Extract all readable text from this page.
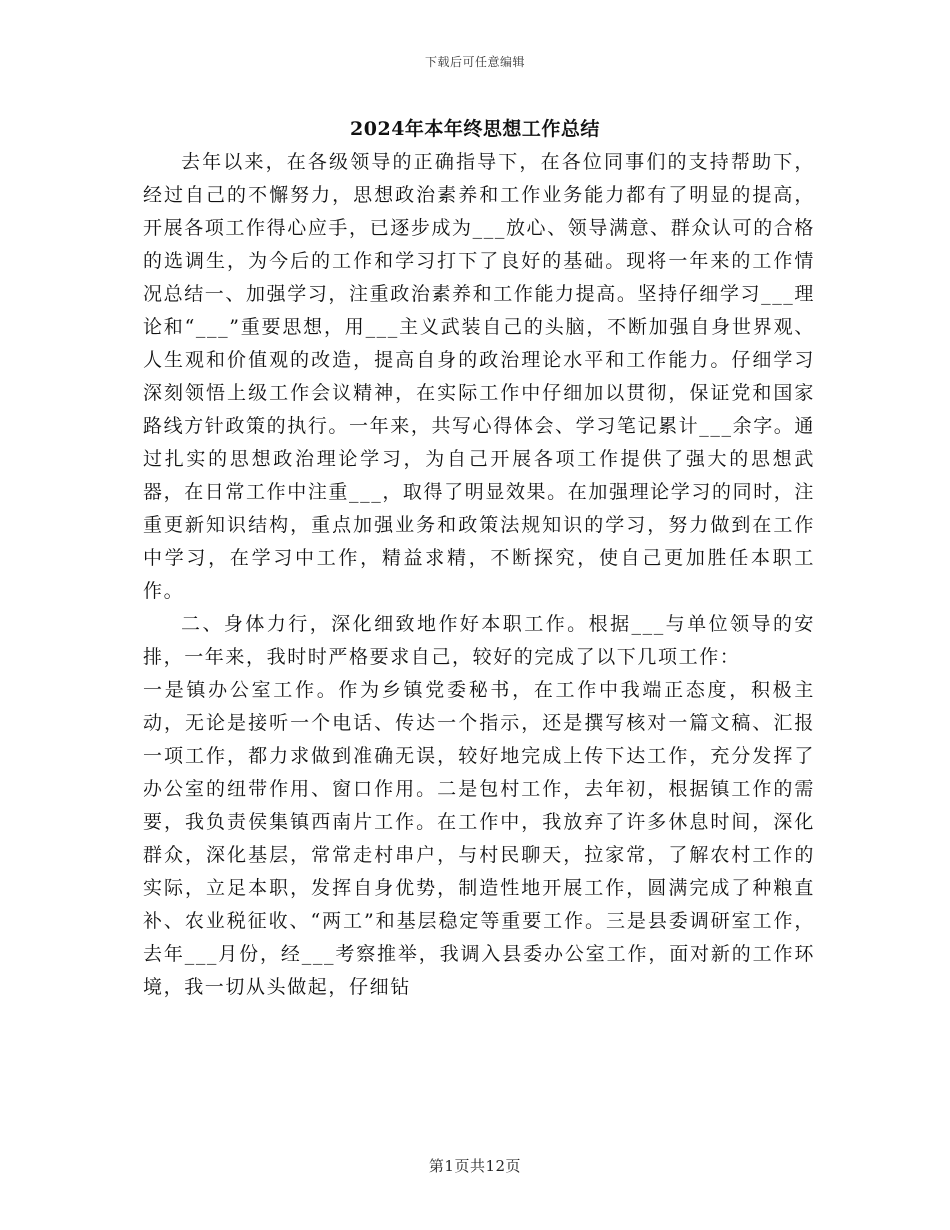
下载后可任意编辑
2024年本年终思想工作总结

去年以来，在各级领导的正确指导下，在各位同事们的支持帮助下，经过自己的不懈努力，思想政治素养和工作业务能力都有了明显的提高，开展各项工作得心应手，已逐步成为___放心、领导满意、群众认可的合格的选调生，为今后的工作和学习打下了良好的基础。现将一年来的工作情况总结一、加强学习，注重政治素养和工作能力提高。坚持仔细学习___理论和“___”重要思想，用___主义武装自己的头脑，不断加强自身世界观、人生观和价值观的改造，提高自身的政治理论水平和工作能力。仔细学习深刻领悟上级工作会议精神，在实际工作中仔细加以贯彻，保证党和国家路线方针政策的执行。一年来，共写心得体会、学习笔记累计___余字。通过扎实的思想政治理论学习，为自己开展各项工作提供了强大的思想武器，在日常工作中注重___，取得了明显效果。在加强理论学习的同时，注重更新知识结构，重点加强业务和政策法规知识的学习，努力做到在工作中学习，在学习中工作，精益求精，不断探究，使自己更加胜任本职工作。

二、身体力行，深化细致地作好本职工作。根据___与单位领导的安排，一年来，我时时严格要求自己，较好的完成了以下几项工作：

一是镇办公室工作。作为乡镇党委秘书，在工作中我端正态度，积极主动，无论是接听一个电话、传达一个指示，还是撰写核对一篇文稿、汇报一项工作，都力求做到准确无误，较好地完成上传下达工作，充分发挥了办公室的纽带作用、窗口作用。二是包村工作，去年初，根据镇工作的需要，我负责侯集镇西南片工作。在工作中，我放弃了许多休息时间，深化群众，深化基层，常常走村串户，与村民聊天，拉家常，了解农村工作的实际，立足本职，发挥自身优势，制造性地开展工作，圆满完成了种粮直补、农业税征收、“两工”和基层稳定等重要工作。三是县委调研室工作，去年___月份，经___考察推举，我调入县委办公室工作，面对新的工作环境，我一切从头做起，仔细钻

第1页共12页
